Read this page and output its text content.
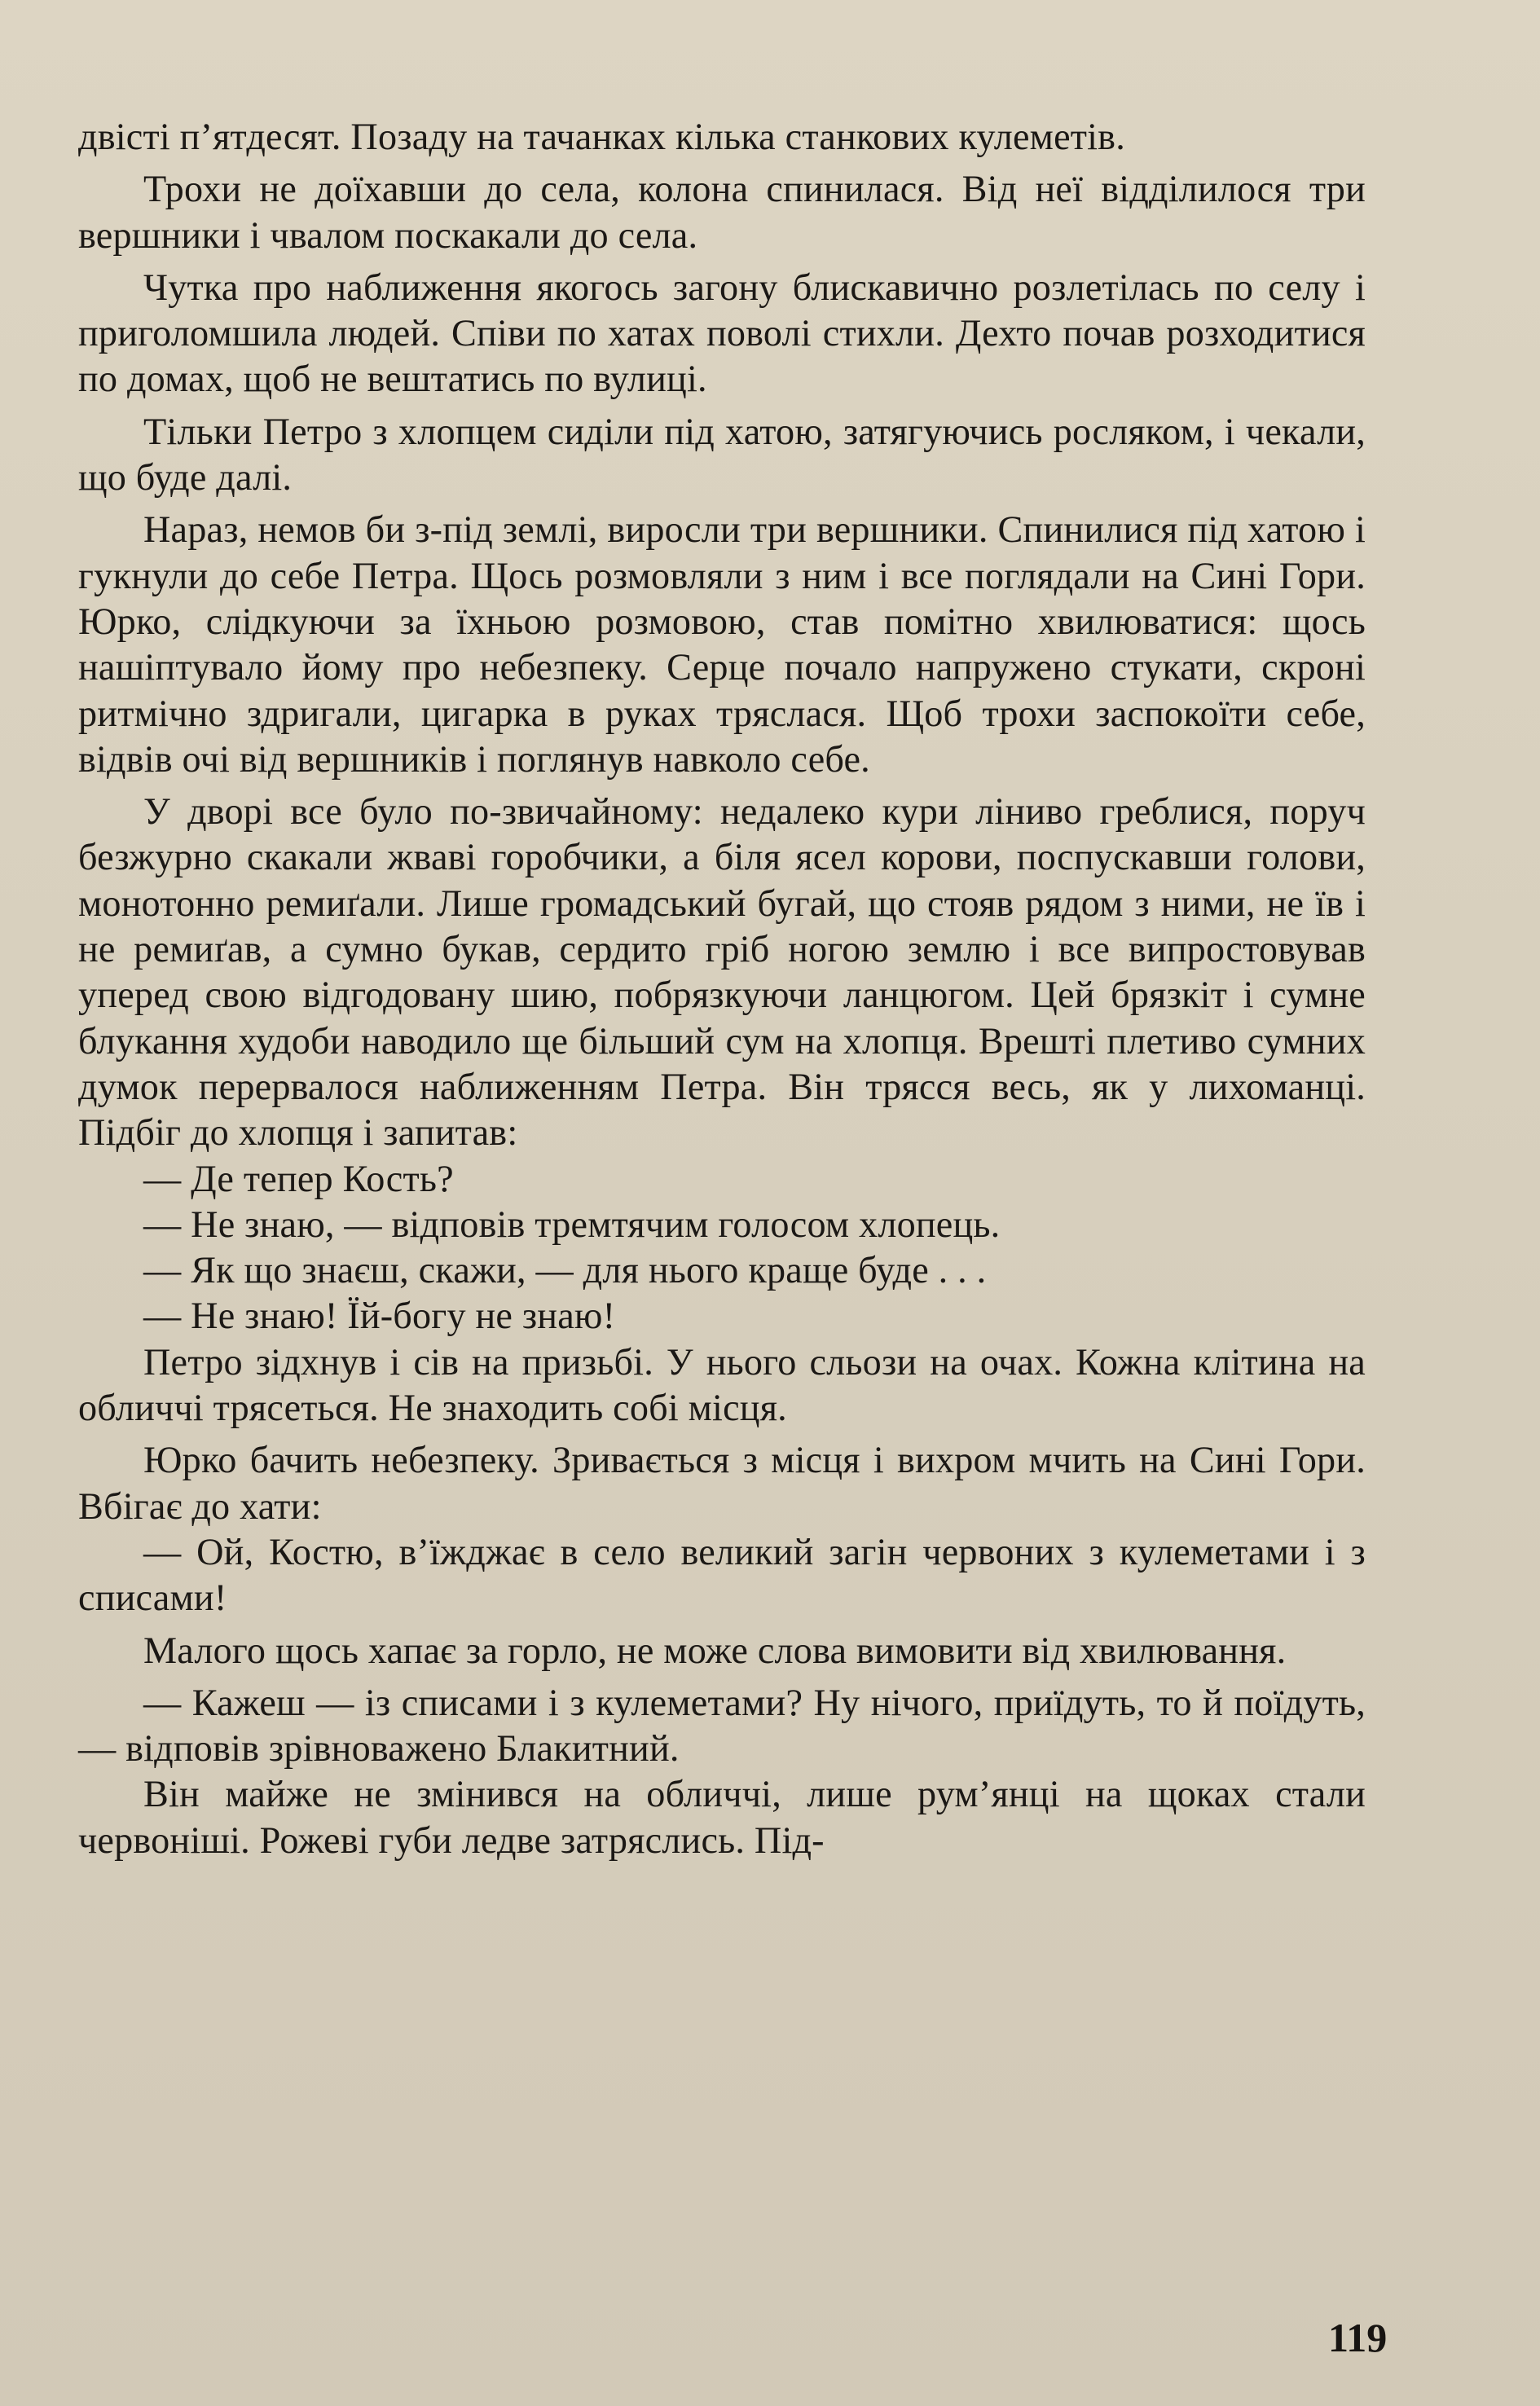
двісті п’ятдесят. Позаду на тачанках кілька станкових кулеметів.

Трохи не доїхавши до села, колона спинилася. Від неї відділилося три вершники і чвалом поскакали до села.

Чутка про наближення якогось загону блискавично розлетілась по селу і приголомшила людей. Співи по хатах поволі стихли. Дехто почав розходитися по домах, щоб не вештатись по вулиці.

Тільки Петро з хлопцем сиділи під хатою, затягуючись росляком, і чекали, що буде далі.

Нараз, немов би з-під землі, виросли три вершники. Спинилися під хатою і гукнули до себе Петра. Щось розмовляли з ним і все поглядали на Сині Гори. Юрко, слідкуючи за їхньою розмовою, став помітно хвилюватися: щось нашіптувало йому про небезпеку. Серце почало напружено стукати, скроні ритмічно здригали, цигарка в руках тряслася. Щоб трохи заспокоїти себе, відвів очі від вершників і поглянув навколо себе.

У дворі все було по-звичайному: недалеко кури ліниво греблися, поруч безжурно скакали жваві горобчики, а біля ясел корови, поспускавши голови, монотонно ремиґали. Лише громадський бугай, що стояв рядом з ними, не їв і не ремиґав, а сумно букав, сердито гріб ногою землю і все випростовував уперед свою відгодовану шию, побрязкуючи ланцюгом. Цей брязкіт і сумне блукання худоби наводило ще більший сум на хлопця. Врешті плетиво сумних думок перервалося наближенням Петра. Він трясся весь, як у лихоманці. Підбіг до хлопця і запитав:

— Де тепер Кость?

— Не знаю, — відповів тремтячим голосом хлопець.

— Як що знаєш, скажи, — для нього краще буде . . .

— Не знаю! Їй-богу не знаю!

Петро зідхнув і сів на призьбі. У нього сльози на очах. Кожна клітина на обличчі трясеться. Не знаходить собі місця.

Юрко бачить небезпеку. Зривається з місця і вихром мчить на Сині Гори. Вбігає до хати:

— Ой, Костю, в’їжджає в село великий загін червоних з кулеметами і з списами!

Малого щось хапає за горло, не може слова вимовити від хвилювання.

— Кажеш — із списами і з кулеметами? Ну нічого, приїдуть, то й поїдуть, — відповів зрівноважено Блакитний.

Він майже не змінився на обличчі, лише рум’янці на щоках стали червоніші. Рожеві губи ледве затряслись. Під-

119
